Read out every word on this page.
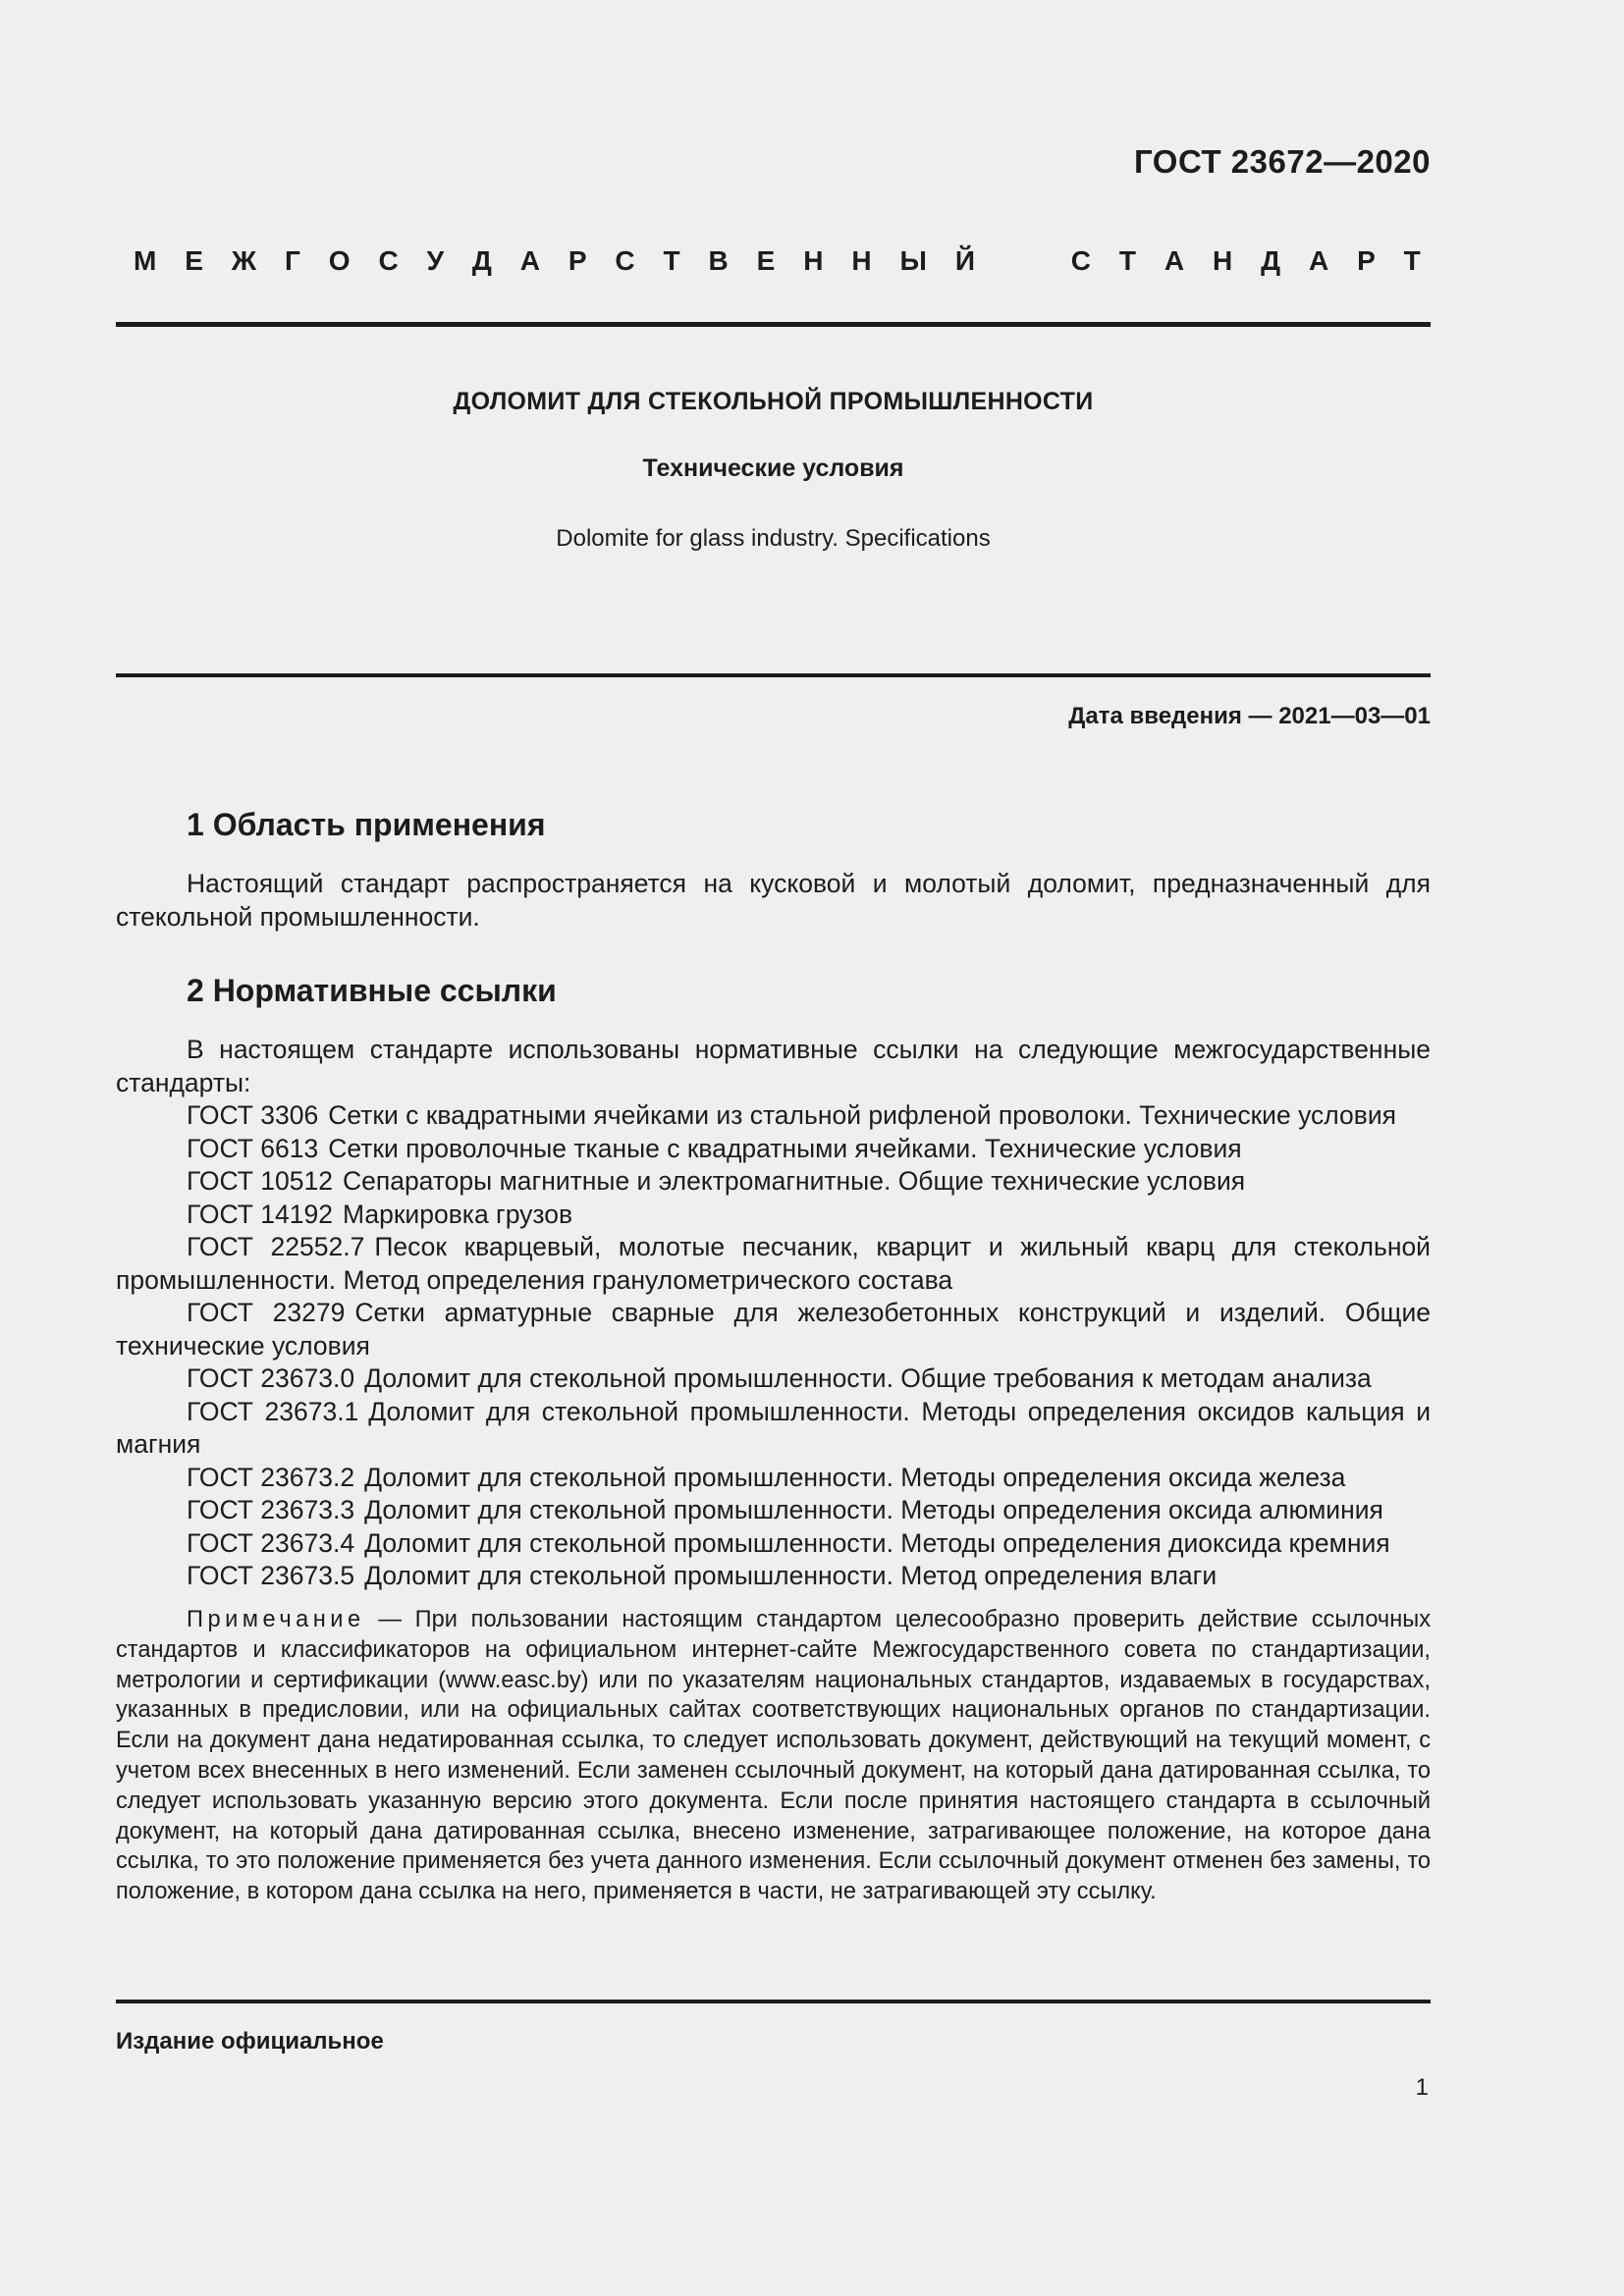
ГОСТ 23672—2020
М Е Ж Г О С У Д А Р С Т В Е Н Н Ы Й	С Т А Н Д А Р Т
ДОЛОМИТ ДЛЯ СТЕКОЛЬНОЙ ПРОМЫШЛЕННОСТИ
Технические условия
Dolomite for glass industry. Specifications
Дата введения — 2021—03—01
1 Область применения

Настоящий стандарт распространяется на кусковой и молотый доломит, предназначенный для стекольной промышленности.

2 Нормативные ссылки

В настоящем стандарте использованы нормативные ссылки на следующие межгосударственные стандарты:

ГОСТ 3306 Сетки с квадратными ячейками из стальной рифленой проволоки. Технические условия
ГОСТ 6613 Сетки проволочные тканые с квадратными ячейками. Технические условия
ГОСТ 10512 Сепараторы магнитные и электромагнитные. Общие технические условия
ГОСТ 14192 Маркировка грузов
ГОСТ 22552.7 Песок кварцевый, молотые песчаник, кварцит и жильный кварц для стекольной промышленности. Метод определения гранулометрического состава
ГОСТ 23279 Сетки арматурные сварные для железобетонных конструкций и изделий. Общие технические условия
ГОСТ 23673.0 Доломит для стекольной промышленности. Общие требования к методам анализа
ГОСТ 23673.1 Доломит для стекольной промышленности. Методы определения оксидов кальция и магния
ГОСТ 23673.2 Доломит для стекольной промышленности. Методы определения оксида железа
ГОСТ 23673.3 Доломит для стекольной промышленности. Методы определения оксида алюминия
ГОСТ 23673.4 Доломит для стекольной промышленности. Методы определения диоксида кремния
ГОСТ 23673.5 Доломит для стекольной промышленности. Метод определения влаги

Примечание — При пользовании настоящим стандартом целесообразно проверить действие ссылочных стандартов и классификаторов на официальном интернет-сайте Межгосударственного совета по стандартизации, метрологии и сертификации (www.easc.by) или по указателям национальных стандартов, издаваемых в государствах, указанных в предисловии, или на официальных сайтах соответствующих национальных органов по стандартизации. Если на документ дана недатированная ссылка, то следует использовать документ, действующий на текущий момент, с учетом всех внесенных в него изменений. Если заменен ссылочный документ, на который дана датированная ссылка, то следует использовать указанную версию этого документа. Если после принятия настоящего стандарта в ссылочный документ, на который дана датированная ссылка, внесено изменение, затрагивающее положение, на которое дана ссылка, то это положение применяется без учета данного изменения. Если ссылочный документ отменен без замены, то положение, в котором дана ссылка на него, применяется в части, не затрагивающей эту ссылку.

Издание официальное
1
